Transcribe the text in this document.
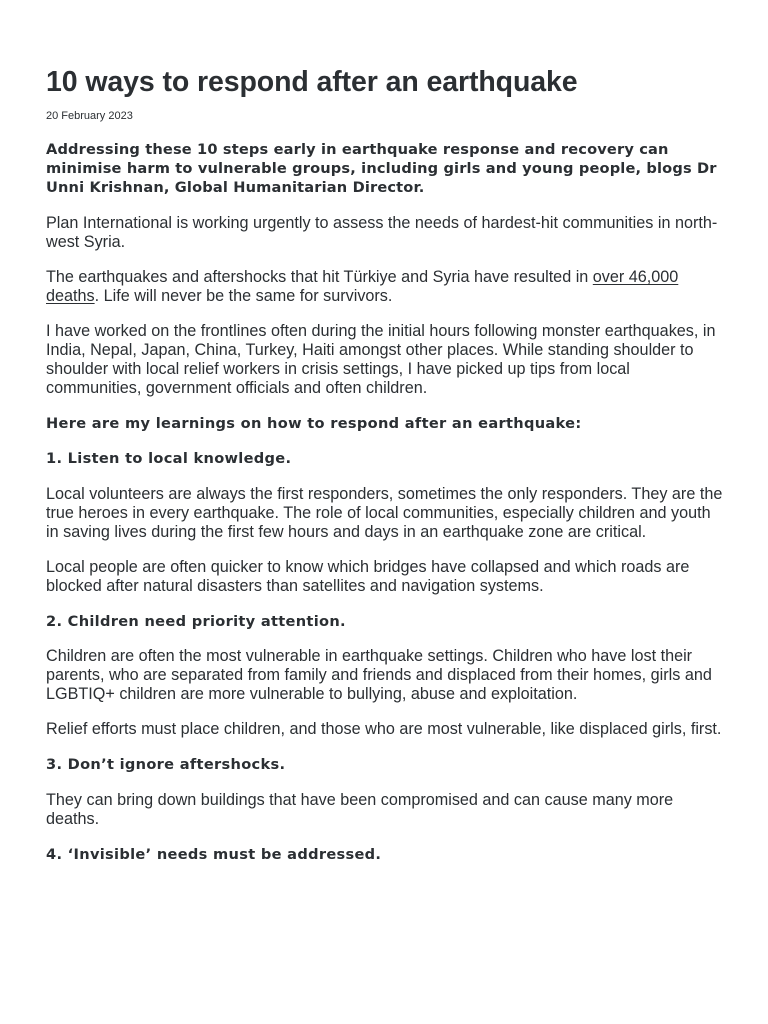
10 ways to respond after an earthquake
20 February 2023

Addressing these 10 steps early in earthquake response and recovery can minimise harm to vulnerable groups, including girls and young people, blogs Dr Unni Krishnan, Global Humanitarian Director.

Plan International is working urgently to assess the needs of hardest-hit communities in north-west Syria.

The earthquakes and aftershocks that hit Türkiye and Syria have resulted in over 46,000 deaths. Life will never be the same for survivors.

I have worked on the frontlines often during the initial hours following monster earthquakes, in India, Nepal, Japan, China, Turkey, Haiti amongst other places. While standing shoulder to shoulder with local relief workers in crisis settings, I have picked up tips from local communities, government officials and often children.

Here are my learnings on how to respond after an earthquake:

1. Listen to local knowledge.

Local volunteers are always the first responders, sometimes the only responders. They are the true heroes in every earthquake. The role of local communities, especially children and youth in saving lives during the first few hours and days in an earthquake zone are critical.

Local people are often quicker to know which bridges have collapsed and which roads are blocked after natural disasters than satellites and navigation systems.

2. Children need priority attention.

Children are often the most vulnerable in earthquake settings. Children who have lost their parents, who are separated from family and friends and displaced from their homes, girls and LGBTIQ+ children are more vulnerable to bullying, abuse and exploitation.

Relief efforts must place children, and those who are most vulnerable, like displaced girls, first.

3. Don’t ignore aftershocks.

They can bring down buildings that have been compromised and can cause many more deaths.

4. ‘Invisible’ needs must be addressed.
